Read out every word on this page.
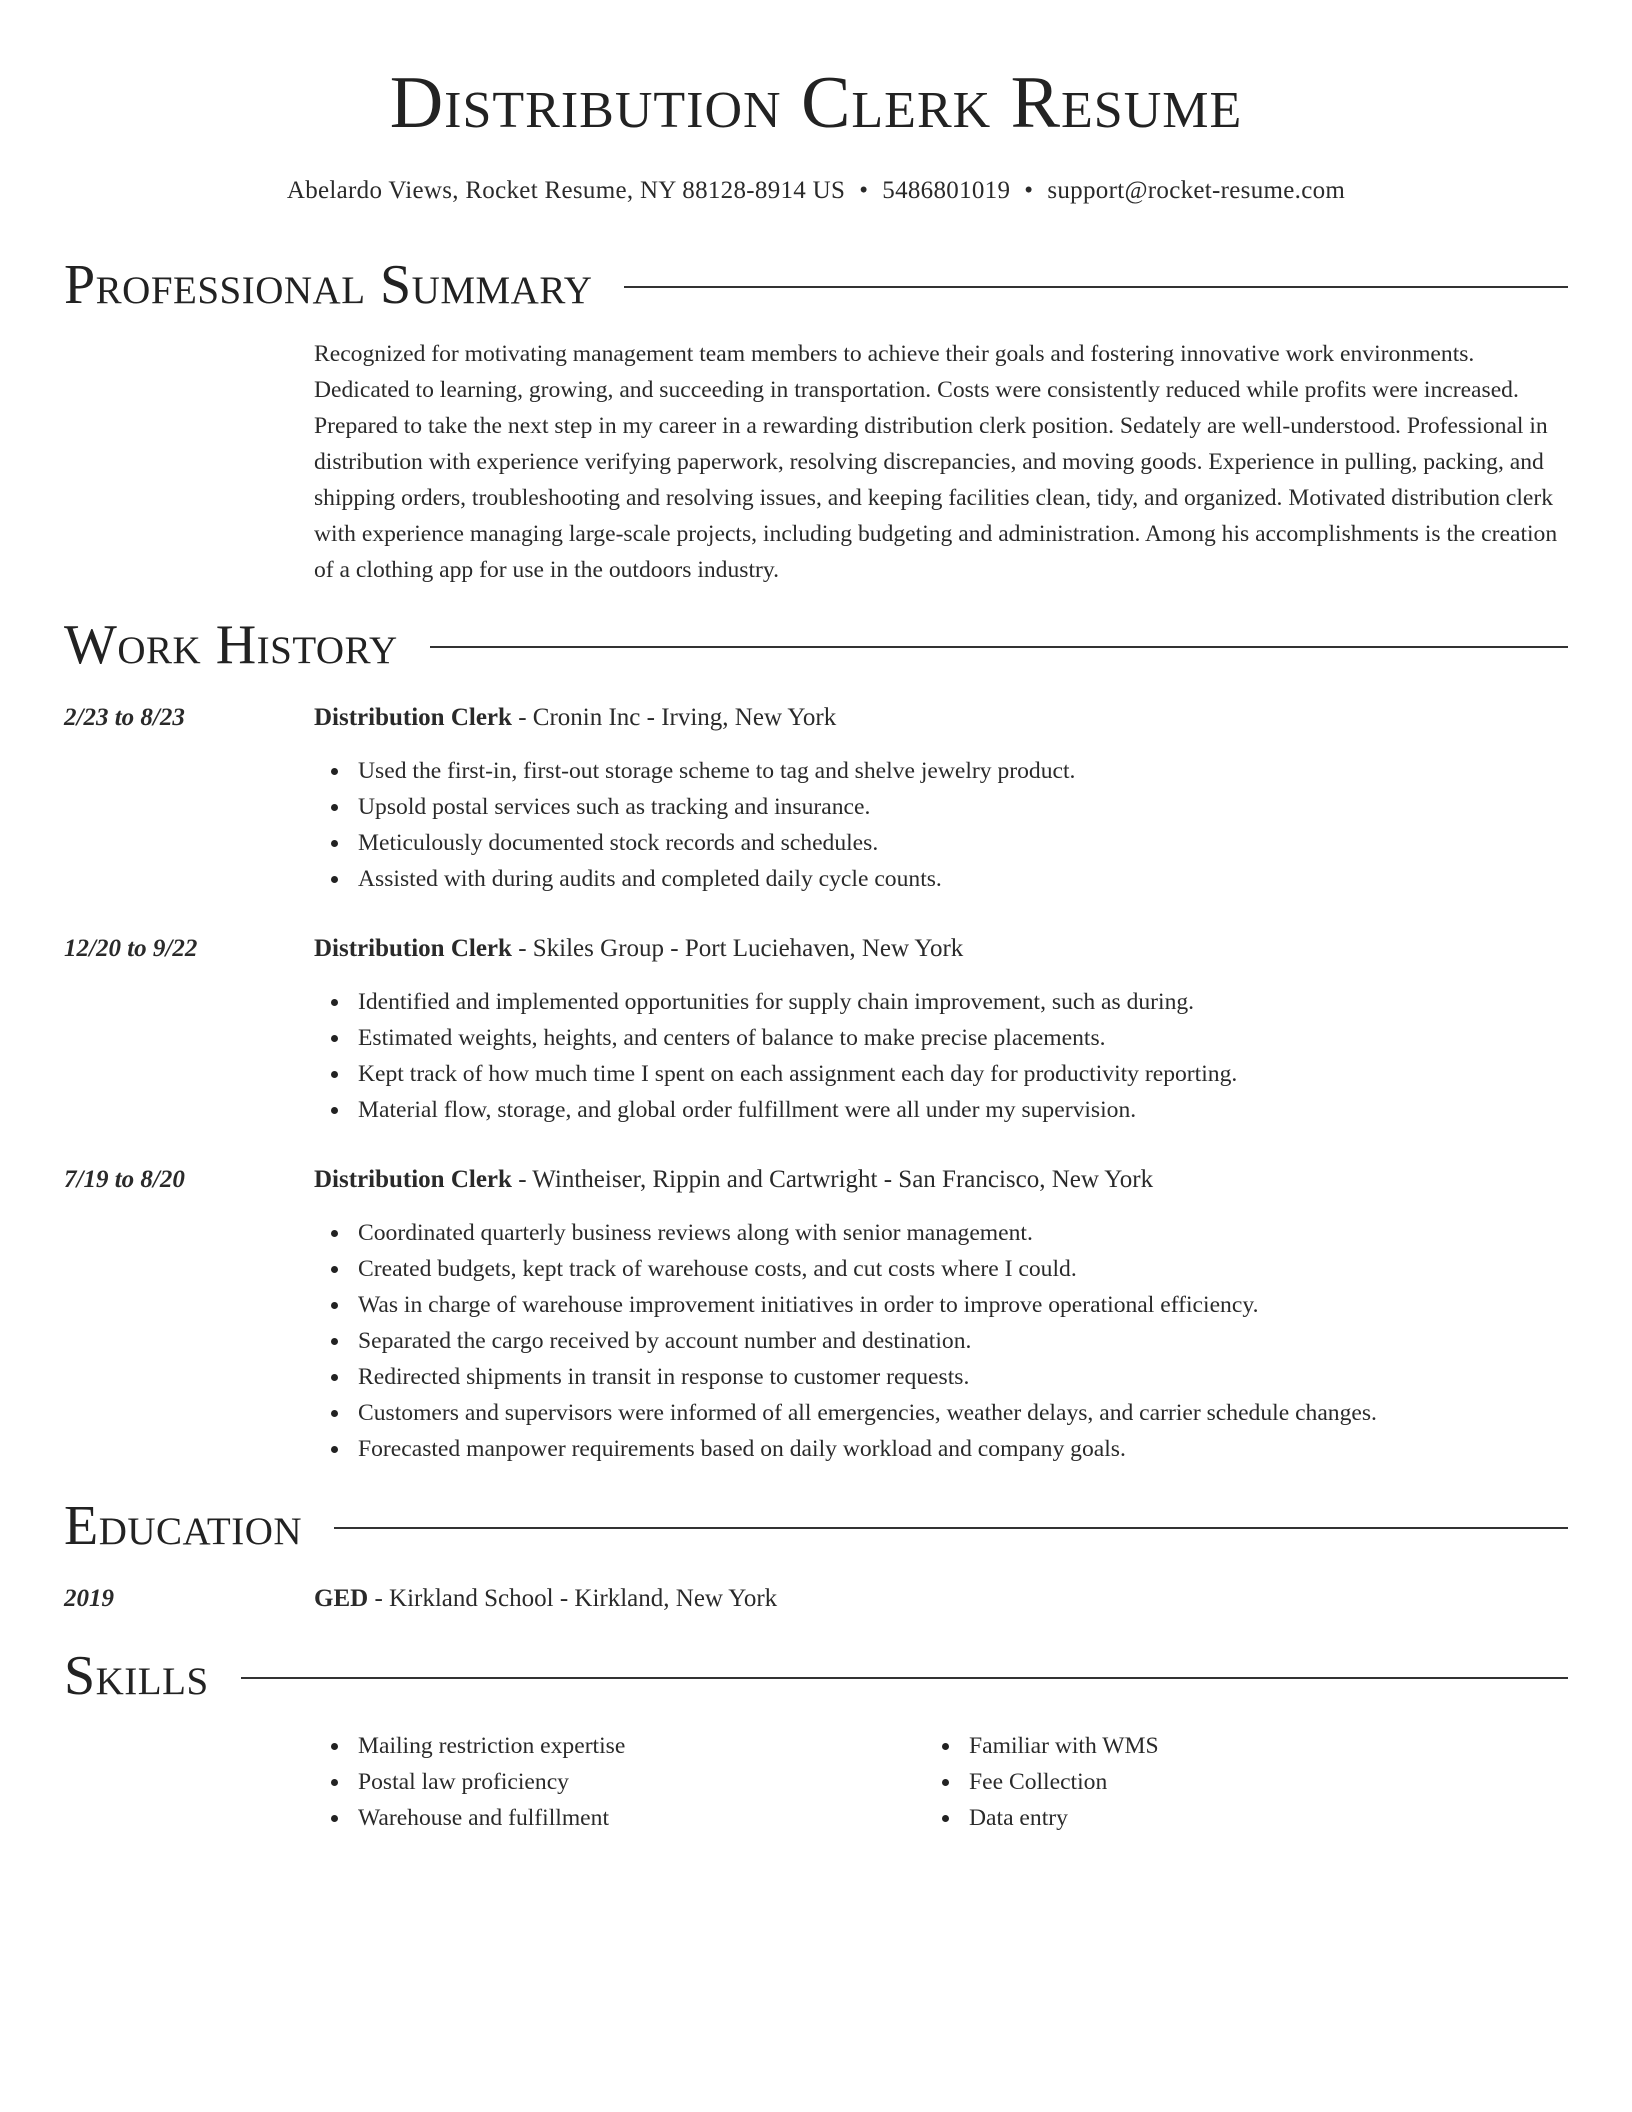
Distribution Clerk Resume
Abelardo Views, Rocket Resume, NY 88128-8914 US • 5486801019 • support@rocket-resume.com
Professional Summary

Recognized for motivating management team members to achieve their goals and fostering innovative work environments. Dedicated to learning, growing, and succeeding in transportation. Costs were consistently reduced while profits were increased. Prepared to take the next step in my career in a rewarding distribution clerk position. Sedately are well-understood. Professional in distribution with experience verifying paperwork, resolving discrepancies, and moving goods. Experience in pulling, packing, and shipping orders, troubleshooting and resolving issues, and keeping facilities clean, tidy, and organized. Motivated distribution clerk with experience managing large-scale projects, including budgeting and administration. Among his accomplishments is the creation of a clothing app for use in the outdoors industry.

Work History
2/23 to 8/23	Distribution Clerk - Cronin Inc - Irving, New York
Used the first-in, first-out storage scheme to tag and shelve jewelry product.
Upsold postal services such as tracking and insurance.
Meticulously documented stock records and schedules.
Assisted with during audits and completed daily cycle counts.
12/20 to 9/22	Distribution Clerk - Skiles Group - Port Luciehaven, New York
Identified and implemented opportunities for supply chain improvement, such as during.
Estimated weights, heights, and centers of balance to make precise placements.
Kept track of how much time I spent on each assignment each day for productivity reporting.
Material flow, storage, and global order fulfillment were all under my supervision.
7/19 to 8/20	Distribution Clerk - Wintheiser, Rippin and Cartwright - San Francisco, New York
Coordinated quarterly business reviews along with senior management.
Created budgets, kept track of warehouse costs, and cut costs where I could.
Was in charge of warehouse improvement initiatives in order to improve operational efficiency.
Separated the cargo received by account number and destination.
Redirected shipments in transit in response to customer requests.
Customers and supervisors were informed of all emergencies, weather delays, and carrier schedule changes.
Forecasted manpower requirements based on daily workload and company goals.
Education
2019	GED - Kirkland School - Kirkland, New York
Skills
Mailing restriction expertise
Postal law proficiency
Warehouse and fulfillment
Familiar with WMS
Fee Collection
Data entry
